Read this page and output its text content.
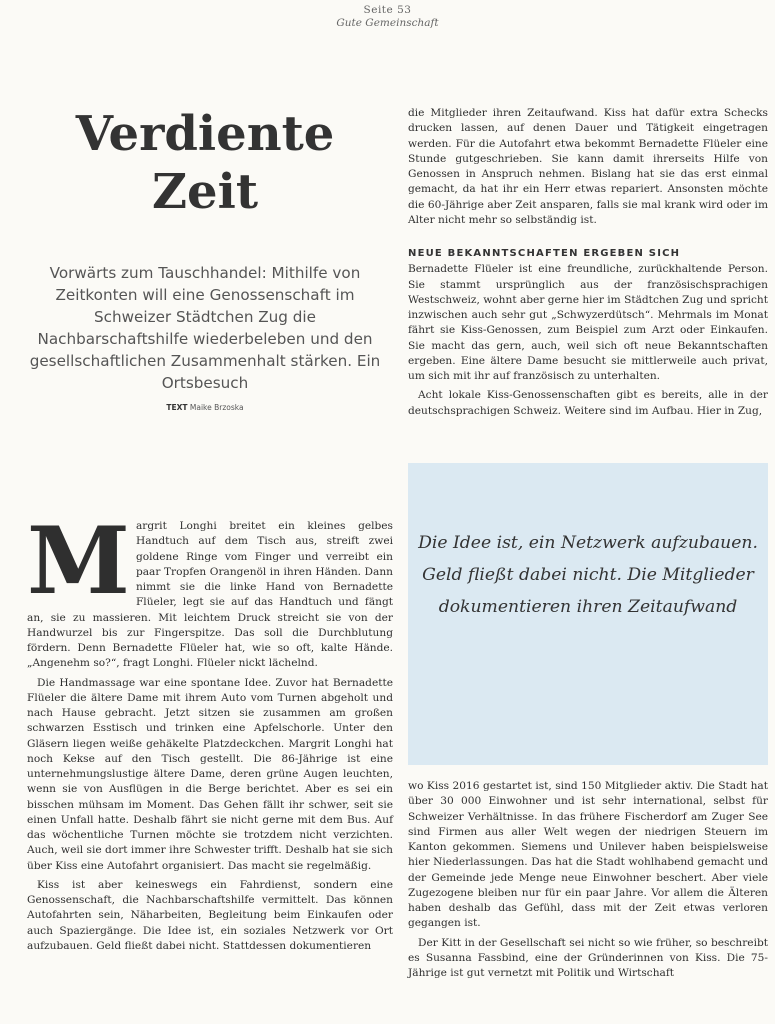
Seite 53
Gute Gemeinschaft
Verdiente
Zeit
Vorwärts zum Tauschhandel: Mithilfe von Zeitkonten will eine Genossenschaft im Schweizer Städtchen Zug die Nachbarschaftshilfe wiederbeleben und den gesellschaftlichen Zusammenhalt stärken. Ein Ortsbesuch
TEXT Maike Brzoska

Margrit Longhi breitet ein kleines gelbes Handtuch auf dem Tisch aus, streift zwei goldene Ringe vom Finger und verreibt ein paar Tropfen Orangenöl in ihren Händen. Dann nimmt sie die linke Hand von Bernadette Flüeler, legt sie auf das Handtuch und fängt an, sie zu massieren. Mit leichtem Druck streicht sie von der Handwurzel bis zur Fingerspitze. Das soll die Durchblutung fördern. Denn Bernadette Flüeler hat, wie so oft, kalte Hände. „Angenehm so?“, fragt Longhi. Flüeler nickt lächelnd.

Die Handmassage war eine spontane Idee. Zuvor hat Bernadette Flüeler die ältere Dame mit ihrem Auto vom Turnen abgeholt und nach Hause gebracht. Jetzt sitzen sie zusammen am großen schwarzen Esstisch und trinken eine Apfelschorle. Unter den Gläsern liegen weiße gehäkelte Platzdeckchen. Margrit Longhi hat noch Kekse auf den Tisch gestellt. Die 86-Jährige ist eine unternehmungslustige ältere Dame, deren grüne Augen leuchten, wenn sie von Ausflügen in die Berge berichtet. Aber es sei ein bisschen mühsam im Moment. Das Gehen fällt ihr schwer, seit sie einen Unfall hatte. Deshalb fährt sie nicht gerne mit dem Bus. Auf das wöchentliche Turnen möchte sie trotzdem nicht verzichten. Auch, weil sie dort immer ihre Schwester trifft. Deshalb hat sie sich über Kiss eine Autofahrt organisiert. Das macht sie regelmäßig.

Kiss ist aber keineswegs ein Fahrdienst, sondern eine Genossenschaft, die Nachbarschaftshilfe vermittelt. Das können Autofahrten sein, Näharbeiten, Begleitung beim Einkaufen oder auch Spaziergänge. Die Idee ist, ein soziales Netzwerk vor Ort aufzubauen. Geld fließt dabei nicht. Stattdessen dokumentieren

die Mitglieder ihren Zeitaufwand. Kiss hat dafür extra Schecks drucken lassen, auf denen Dauer und Tätigkeit eingetragen werden. Für die Autofahrt etwa bekommt Bernadette Flüeler eine Stunde gutgeschrieben. Sie kann damit ihrerseits Hilfe von Genossen in Anspruch nehmen. Bislang hat sie das erst einmal gemacht, da hat ihr ein Herr etwas repariert. Ansonsten möchte die 60-Jährige aber Zeit ansparen, falls sie mal krank wird oder im Alter nicht mehr so selbständig ist.

NEUE BEKANNTSCHAFTEN ERGEBEN SICH

Bernadette Flüeler ist eine freundliche, zurückhaltende Person. Sie stammt ursprünglich aus der französischsprachigen Westschweiz, wohnt aber gerne hier im Städtchen Zug und spricht inzwischen auch sehr gut „Schwyzerdütsch“. Mehrmals im Monat fährt sie Kiss-Genossen, zum Beispiel zum Arzt oder Einkaufen. Sie macht das gern, auch, weil sich oft neue Bekanntschaften ergeben. Eine ältere Dame besucht sie mittlerweile auch privat, um sich mit ihr auf französisch zu unterhalten.

Acht lokale Kiss-Genossenschaften gibt es bereits, alle in der deutschsprachigen Schweiz. Weitere sind im Aufbau. Hier in Zug,

Die Idee ist, ein Netzwerk aufzubauen. Geld fließt dabei nicht. Die Mitglieder dokumentieren ihren Zeitaufwand

wo Kiss 2016 gestartet ist, sind 150 Mitglieder aktiv. Die Stadt hat über 30 000 Einwohner und ist sehr international, selbst für Schweizer Verhältnisse. In das frühere Fischerdorf am Zuger See sind Firmen aus aller Welt wegen der niedrigen Steuern im Kanton gekommen. Siemens und Unilever haben beispielsweise hier Niederlassungen. Das hat die Stadt wohlhabend gemacht und der Gemeinde jede Menge neue Einwohner beschert. Aber viele Zugezogene bleiben nur für ein paar Jahre. Vor allem die Älteren haben deshalb das Gefühl, dass mit der Zeit etwas verloren gegangen ist.

Der Kitt in der Gesellschaft sei nicht so wie früher, so beschreibt es Susanna Fassbind, eine der Gründerinnen von Kiss. Die 75-Jährige ist gut vernetzt mit Politik und Wirtschaft
